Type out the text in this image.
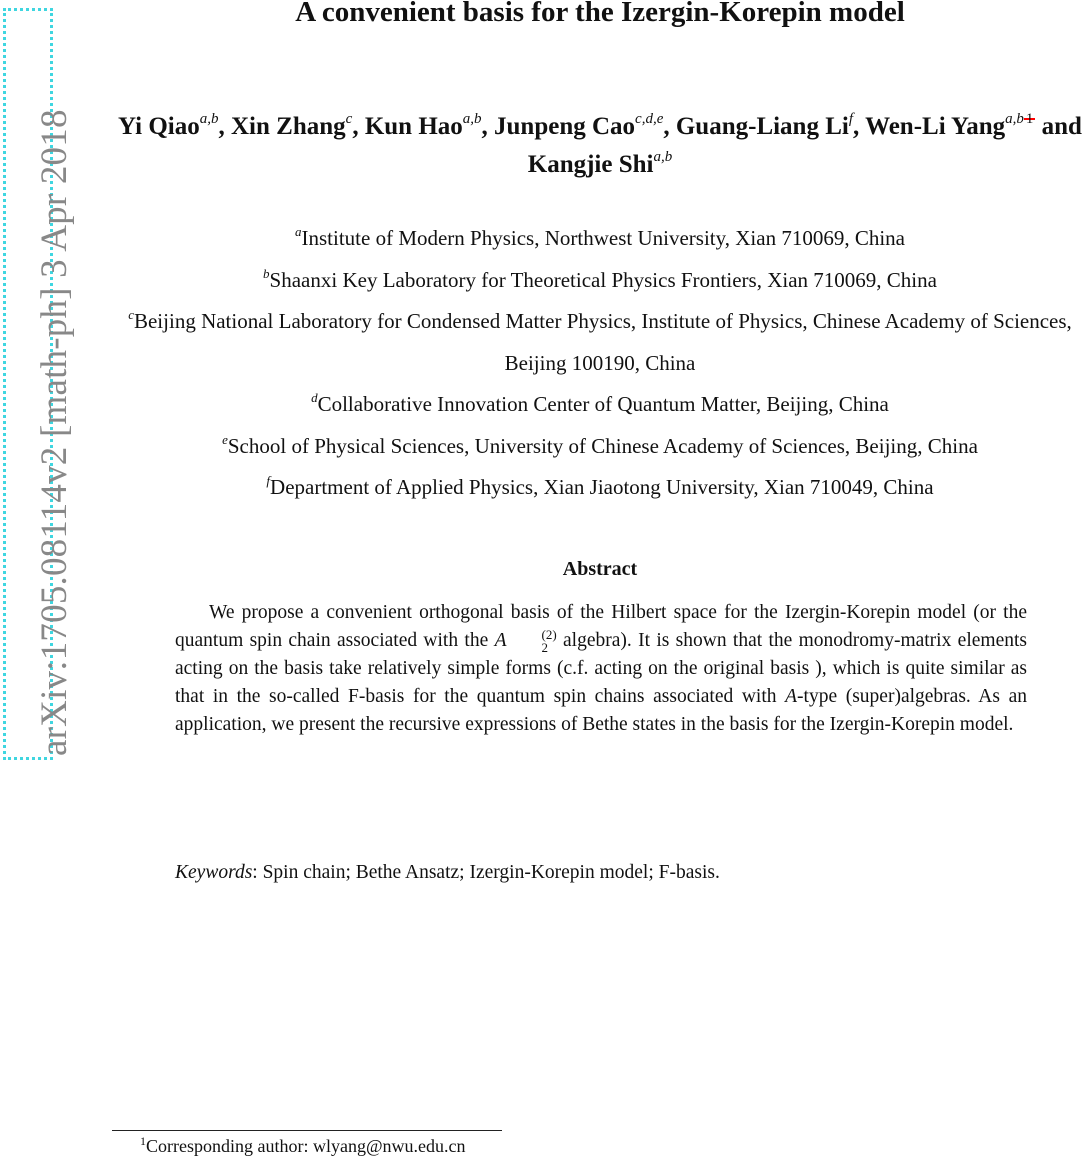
arXiv:1705.08114v2 [math-ph] 3 Apr 2018
A convenient basis for the Izergin-Korepin model
Yi Qiao$^{a,b}$, Xin Zhang$^c$, Kun Hao$^{a,b}$, Junpeng Cao$^{c,d,e}$, Guang-Liang Li$^f$, Wen-Li Yang$^{a,b 1}$ and Kangjie Shi$^{a,b}$
$^a$Institute of Modern Physics, Northwest University, Xian 710069, China
$^b$Shaanxi Key Laboratory for Theoretical Physics Frontiers, Xian 710069, China
$^c$Beijing National Laboratory for Condensed Matter Physics, Institute of Physics, Chinese Academy of Sciences, Beijing 100190, China
$^d$Collaborative Innovation Center of Quantum Matter, Beijing, China
$^e$School of Physical Sciences, University of Chinese Academy of Sciences, Beijing, China
$^f$Department of Applied Physics, Xian Jiaotong University, Xian 710049, China
Abstract

We propose a convenient orthogonal basis of the Hilbert space for the Izergin-Korepin model (or the quantum spin chain associated with the A	(2)
2 algebra). It is shown that the monodromy-matrix elements acting on the basis take relatively simple forms (c.f. acting on the original basis ), which is quite similar as that in the so-called F-basis for the quantum spin chains associated with A-type (super)algebras. As an application, we present the recursive expressions of Bethe states in the basis for the Izergin-Korepin model.

Keywords: Spin chain; Bethe Ansatz; Izergin-Korepin model; F-basis.
$^1$Corresponding author: wlyang@nwu.edu.cn
